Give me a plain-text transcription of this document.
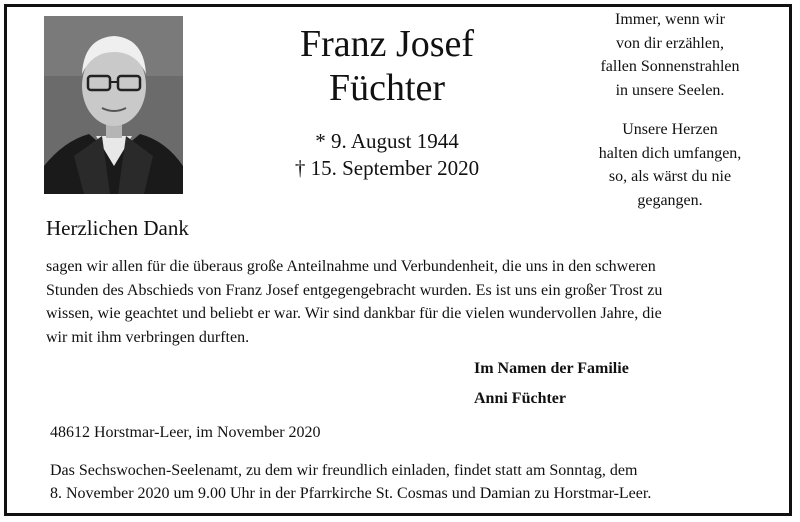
Franz Josef
Füchter
* 9. August 1944
† 15. September 2020
Immer, wenn wir
von dir erzählen,
fallen Sonnenstrahlen
in unsere Seelen.
Unsere Herzen
halten dich umfangen,
so, als wärst du nie
gegangen.
Herzlichen Dank
sagen wir allen für die überaus große Anteilnahme und Verbundenheit, die uns in den schweren
Stunden des Abschieds von Franz Josef entgegengebracht wurden. Es ist uns ein großer Trost zu
wissen, wie geachtet und beliebt er war. Wir sind dankbar für die vielen wundervollen Jahre, die
wir mit ihm verbringen durften.
Im Namen der Familie
Anni Füchter
48612 Horstmar-Leer, im November 2020
Das Sechswochen-Seelenamt, zu dem wir freundlich einladen, findet statt am Sonntag, dem
8. November 2020 um 9.00 Uhr in der Pfarrkirche St. Cosmas und Damian zu Horstmar-Leer.
